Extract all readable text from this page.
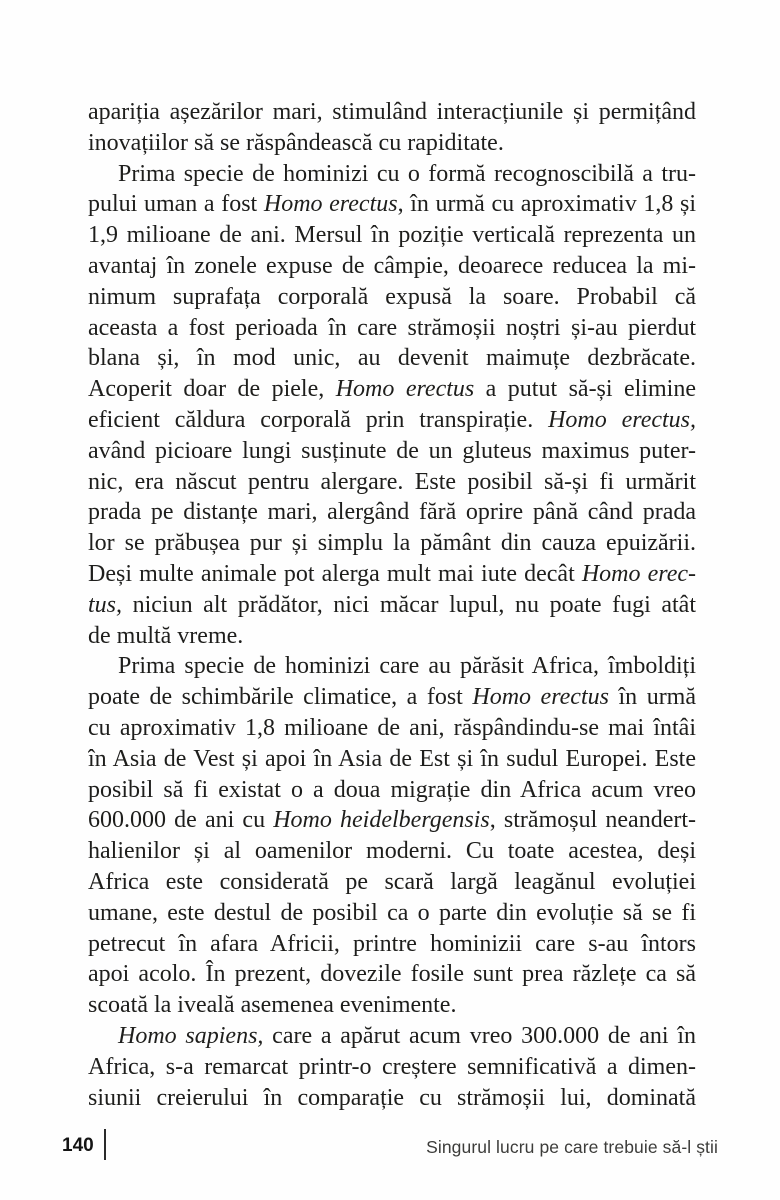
apariția așezărilor mari, stimulând interacțiunile și permițând
inovațiilor să se răspândească cu rapiditate.
Prima specie de hominizi cu o formă recognoscibilă a tru-
pului uman a fost Homo erectus, în urmă cu aproximativ 1,8 și
1,9 milioane de ani. Mersul în poziție verticală reprezenta un
avantaj în zonele expuse de câmpie, deoarece reducea la mi-
nimum suprafața corporală expusă la soare. Probabil că
aceasta a fost perioada în care strămoșii noștri și-au pierdut
blana și, în mod unic, au devenit maimuțe dezbrăcate.
Acoperit doar de piele, Homo erectus a putut să-și elimine
eficient căldura corporală prin transpirație. Homo erectus,
având picioare lungi susținute de un gluteus maximus puter-
nic, era născut pentru alergare. Este posibil să-și fi urmărit
prada pe distanțe mari, alergând fără oprire până când prada
lor se prăbușea pur și simplu la pământ din cauza epuizării.
Deși multe animale pot alerga mult mai iute decât Homo erec-
tus, niciun alt prădător, nici măcar lupul, nu poate fugi atât
de multă vreme.
Prima specie de hominizi care au părăsit Africa, îmboldiți
poate de schimbările climatice, a fost Homo erectus în urmă
cu aproximativ 1,8 milioane de ani, răspândindu-se mai întâi
în Asia de Vest și apoi în Asia de Est și în sudul Europei. Este
posibil să fi existat o a doua migrație din Africa acum vreo
600.000 de ani cu Homo heidelbergensis, strămoșul neandert-
halienilor și al oamenilor moderni. Cu toate acestea, deși
Africa este considerată pe scară largă leagănul evoluției
umane, este destul de posibil ca o parte din evoluție să se fi
petrecut în afara Africii, printre hominizii care s-au întors
apoi acolo. În prezent, dovezile fosile sunt prea răzlețe ca să
scoată la iveală asemenea evenimente.
Homo sapiens, care a apărut acum vreo 300.000 de ani în
Africa, s-a remarcat printr-o creștere semnificativă a dimen-
siunii creierului în comparație cu strămoșii lui, dominată
140	Singurul lucru pe care trebuie să-l știi
